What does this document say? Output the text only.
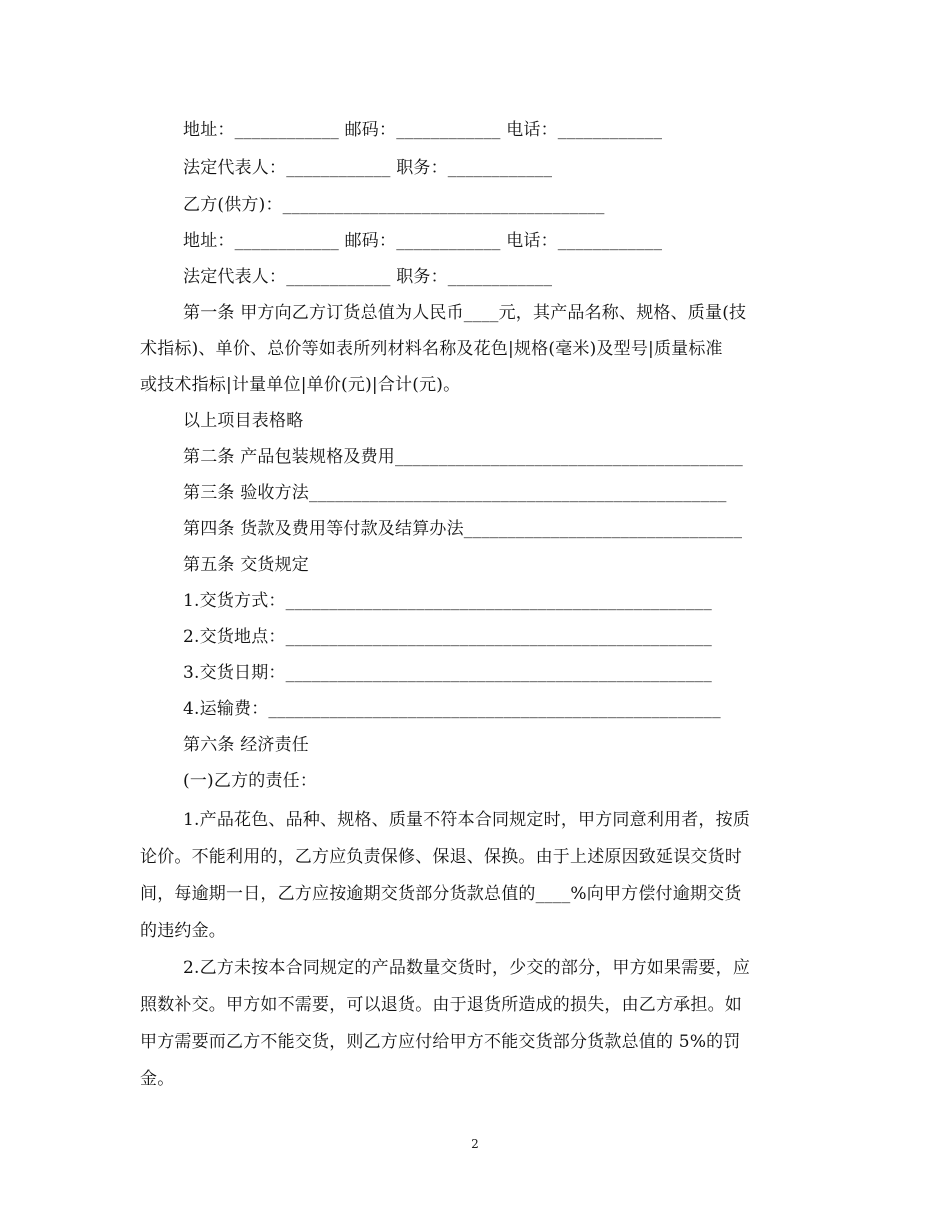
地址：____________ 邮码：____________ 电话：____________
法定代表人：____________ 职务：____________
乙方(供方)：_____________________________________
地址：____________ 邮码：____________ 电话：____________
法定代表人：____________ 职务：____________
第一条 甲方向乙方订货总值为人民币____元，其产品名称、规格、质量(技
术指标)、单价、总价等如表所列材料名称及花色|规格(毫米)及型号|质量标准
或技术指标|计量单位|单价(元)|合计(元)。
以上项目表格略
第二条 产品包装规格及费用________________________________________
第三条 验收方法________________________________________________
第四条 货款及费用等付款及结算办法________________________________
第五条 交货规定
1.交货方式：_________________________________________________
2.交货地点：_________________________________________________
3.交货日期：_________________________________________________
4.运输费：____________________________________________________
第六条 经济责任
(一)乙方的责任：
1.产品花色、品种、规格、质量不符本合同规定时，甲方同意利用者，按质
论价。不能利用的，乙方应负责保修、保退、保换。由于上述原因致延误交货时
间，每逾期一日，乙方应按逾期交货部分货款总值的____%向甲方偿付逾期交货
的违约金。
2.乙方未按本合同规定的产品数量交货时，少交的部分，甲方如果需要，应
照数补交。甲方如不需要，可以退货。由于退货所造成的损失，由乙方承担。如
甲方需要而乙方不能交货，则乙方应付给甲方不能交货部分货款总值的 5%的罚
金。
2
